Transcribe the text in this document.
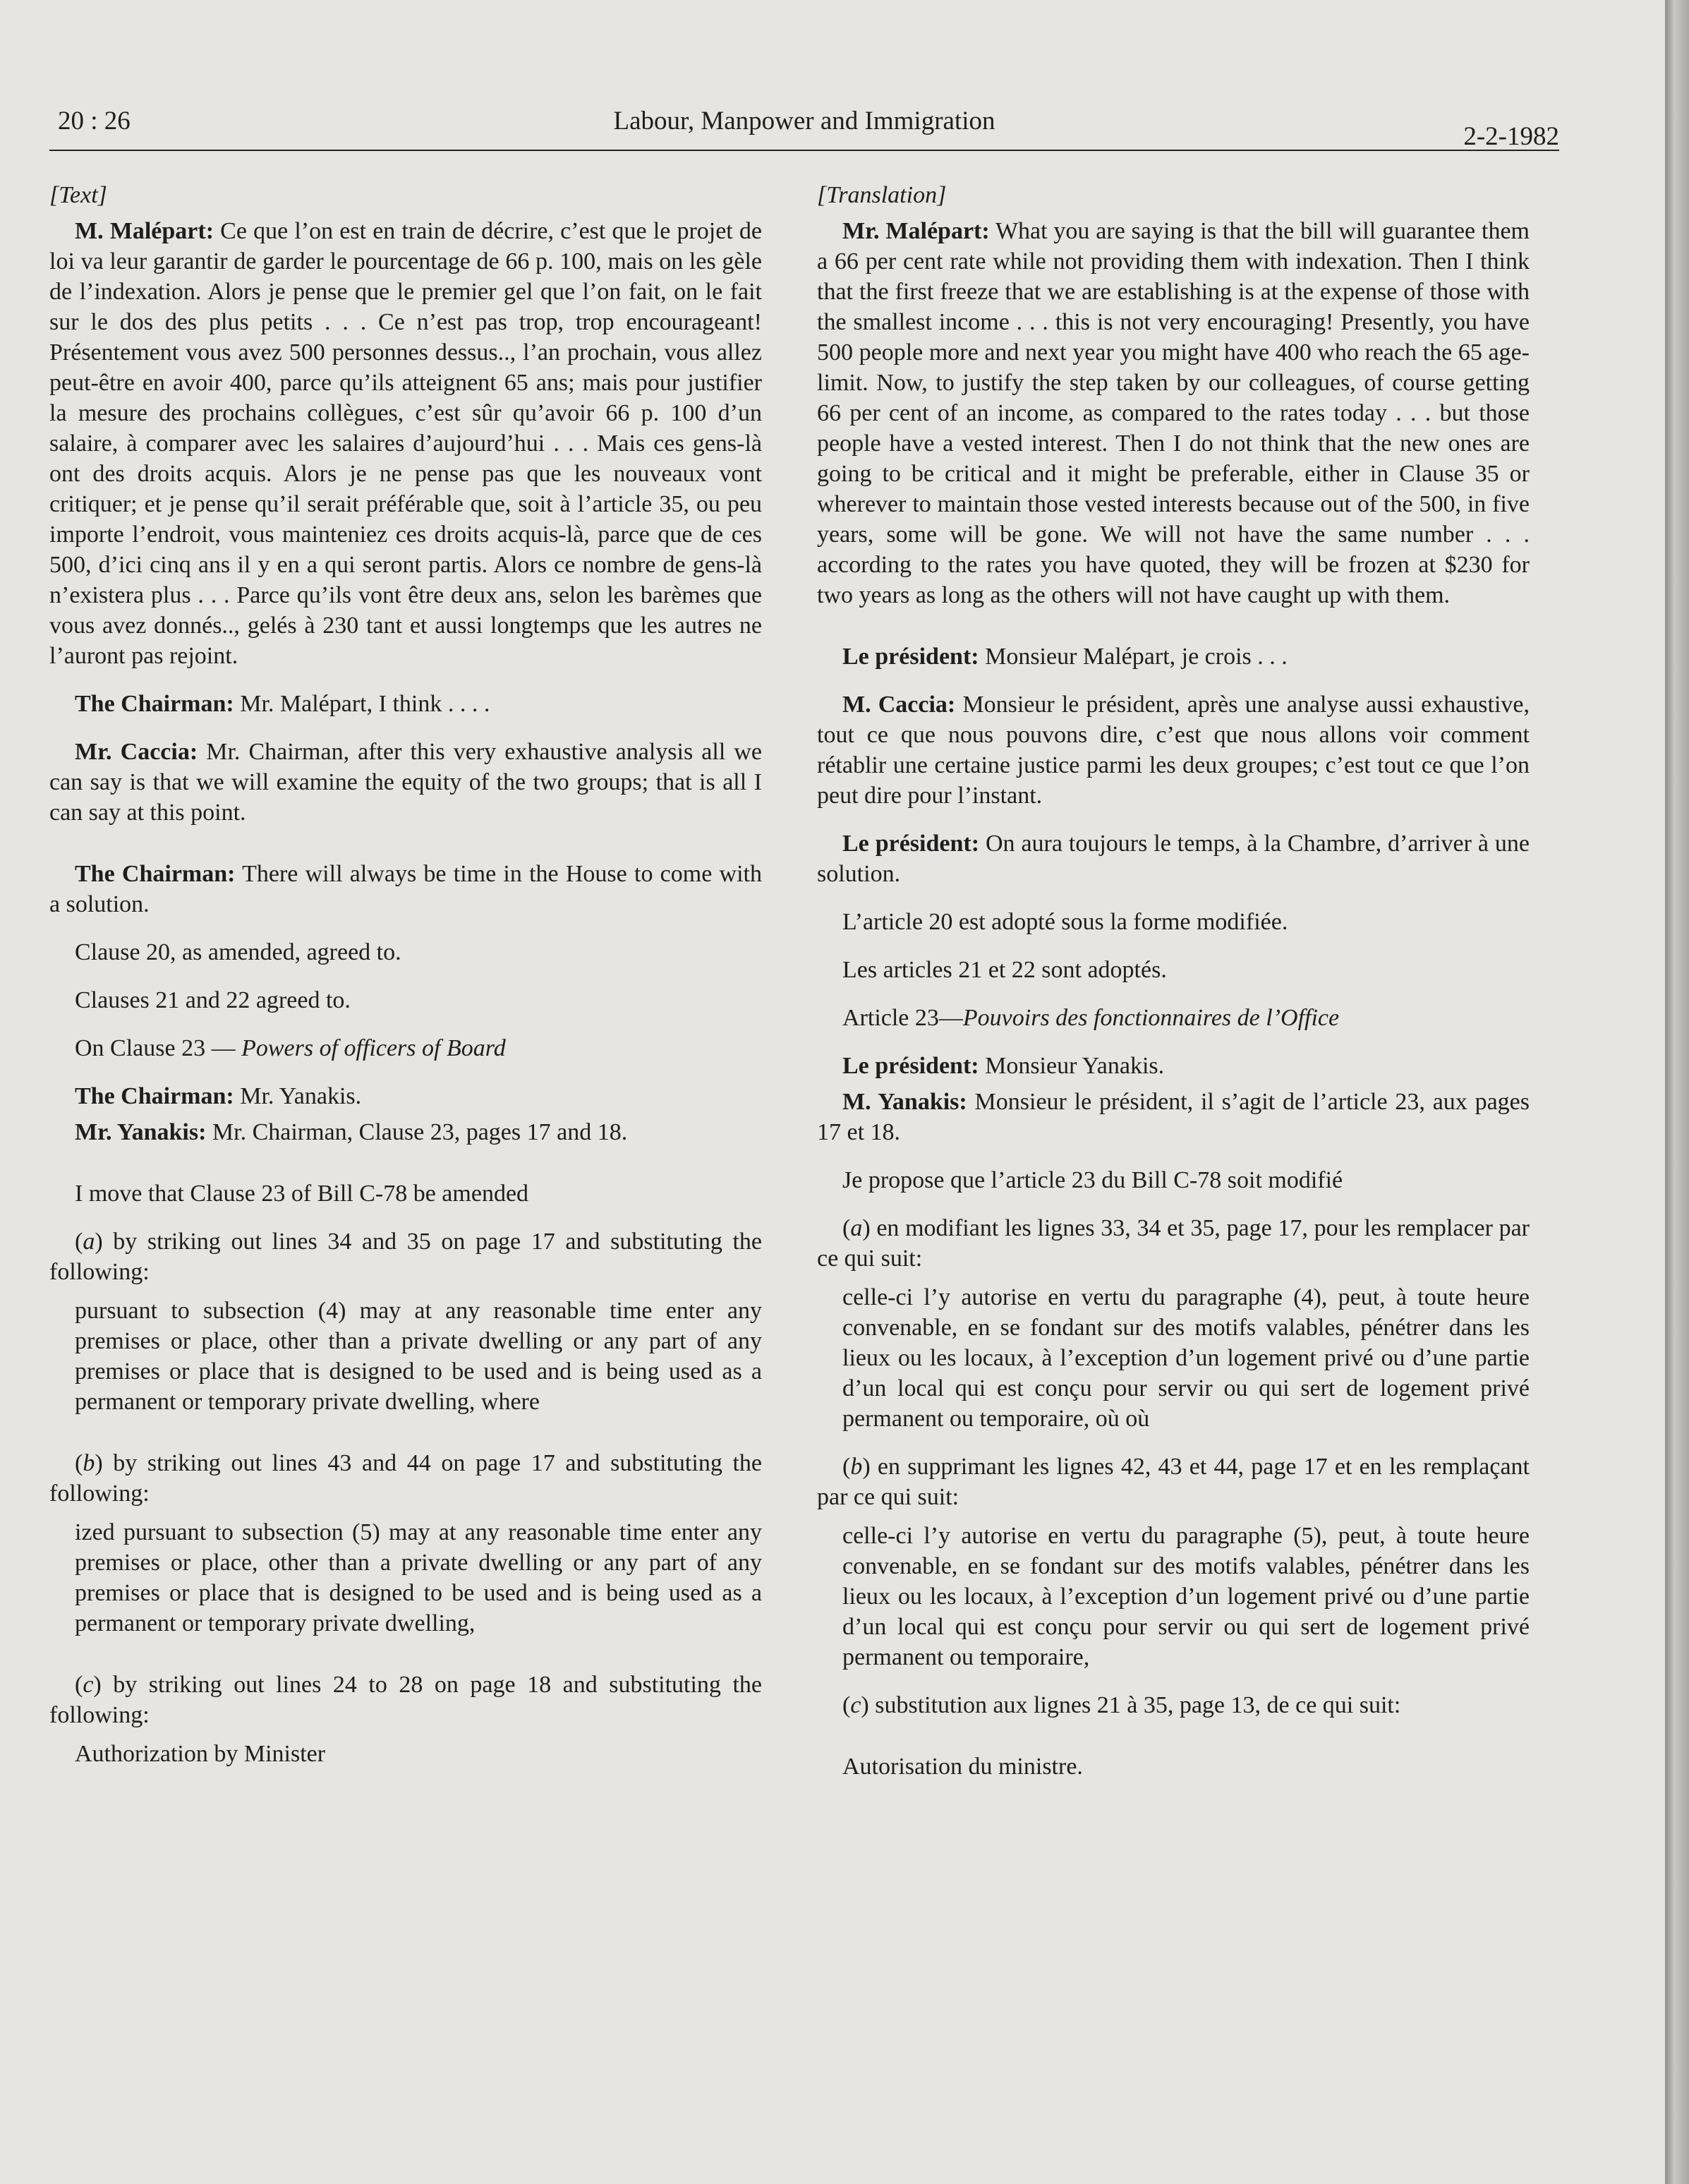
20 : 26	Labour, Manpower and Immigration
2-2-1982

[Text]

M. Malépart: Ce que l’on est en train de décrire, c’est que le projet de loi va leur garantir de garder le pourcentage de 66 p. 100, mais on les gèle de l’indexation. Alors je pense que le premier gel que l’on fait, on le fait sur le dos des plus petits . . . Ce n’est pas trop, trop encourageant! Présentement vous avez 500 personnes dessus.., l’an prochain, vous allez peut-être en avoir 400, parce qu’ils atteignent 65 ans; mais pour justifier la mesure des prochains collègues, c’est sûr qu’avoir 66 p. 100 d’un salaire, à comparer avec les salaires d’aujourd’hui . . . Mais ces gens-là ont des droits acquis. Alors je ne pense pas que les nouveaux vont critiquer; et je pense qu’il serait préférable que, soit à l’article 35, ou peu importe l’endroit, vous mainteniez ces droits acquis-là, parce que de ces 500, d’ici cinq ans il y en a qui seront partis. Alors ce nombre de gens-là n’existera plus . . . Parce qu’ils vont être deux ans, selon les barèmes que vous avez donnés.., gelés à 230 tant et aussi longtemps que les autres ne l’auront pas rejoint.

The Chairman: Mr. Malépart, I think . . . .

Mr. Caccia: Mr. Chairman, after this very exhaustive analysis all we can say is that we will examine the equity of the two groups; that is all I can say at this point.

The Chairman: There will always be time in the House to come with a solution.

Clause 20, as amended, agreed to.

Clauses 21 and 22 agreed to.

On Clause 23 — Powers of officers of Board

The Chairman: Mr. Yanakis.

Mr. Yanakis: Mr. Chairman, Clause 23, pages 17 and 18.

I move that Clause 23 of Bill C-78 be amended

(a) by striking out lines 34 and 35 on page 17 and substituting the following:

pursuant to subsection (4) may at any reasonable time enter any premises or place, other than a private dwelling or any part of any premises or place that is designed to be used and is being used as a permanent or temporary private dwelling, where

(b) by striking out lines 43 and 44 on page 17 and substituting the following:

ized pursuant to subsection (5) may at any reasonable time enter any premises or place, other than a private dwelling or any part of any premises or place that is designed to be used and is being used as a permanent or temporary private dwelling,

(c) by striking out lines 24 to 28 on page 18 and substituting the following:

Authorization by Minister

[Translation]

Mr. Malépart: What you are saying is that the bill will guarantee them a 66 per cent rate while not providing them with indexation. Then I think that the first freeze that we are establishing is at the expense of those with the smallest income . . . this is not very encouraging! Presently, you have 500 people more and next year you might have 400 who reach the 65 age-limit. Now, to justify the step taken by our colleagues, of course getting 66 per cent of an income, as compared to the rates today . . . but those people have a vested interest. Then I do not think that the new ones are going to be critical and it might be preferable, either in Clause 35 or wherever to maintain those vested interests because out of the 500, in five years, some will be gone. We will not have the same number . . . according to the rates you have quoted, they will be frozen at $230 for two years as long as the others will not have caught up with them.

Le président: Monsieur Malépart, je crois . . .

M. Caccia: Monsieur le président, après une analyse aussi exhaustive, tout ce que nous pouvons dire, c’est que nous allons voir comment rétablir une certaine justice parmi les deux groupes; c’est tout ce que l’on peut dire pour l’instant.

Le président: On aura toujours le temps, à la Chambre, d’arriver à une solution.

L’article 20 est adopté sous la forme modifiée.

Les articles 21 et 22 sont adoptés.

Article 23—Pouvoirs des fonctionnaires de l’Office

Le président: Monsieur Yanakis.

M. Yanakis: Monsieur le président, il s’agit de l’article 23, aux pages 17 et 18.

Je propose que l’article 23 du Bill C-78 soit modifié

(a) en modifiant les lignes 33, 34 et 35, page 17, pour les remplacer par ce qui suit:

celle-ci l’y autorise en vertu du paragraphe (4), peut, à toute heure convenable, en se fondant sur des motifs valables, pénétrer dans les lieux ou les locaux, à l’exception d’un logement privé ou d’une partie d’un local qui est conçu pour servir ou qui sert de logement privé permanent ou temporaire, où où

(b) en supprimant les lignes 42, 43 et 44, page 17 et en les remplaçant par ce qui suit:

celle-ci l’y autorise en vertu du paragraphe (5), peut, à toute heure convenable, en se fondant sur des motifs valables, pénétrer dans les lieux ou les locaux, à l’exception d’un logement privé ou d’une partie d’un local qui est conçu pour servir ou qui sert de logement privé permanent ou temporaire,

(c) substitution aux lignes 21 à 35, page 13, de ce qui suit:

Autorisation du ministre.
